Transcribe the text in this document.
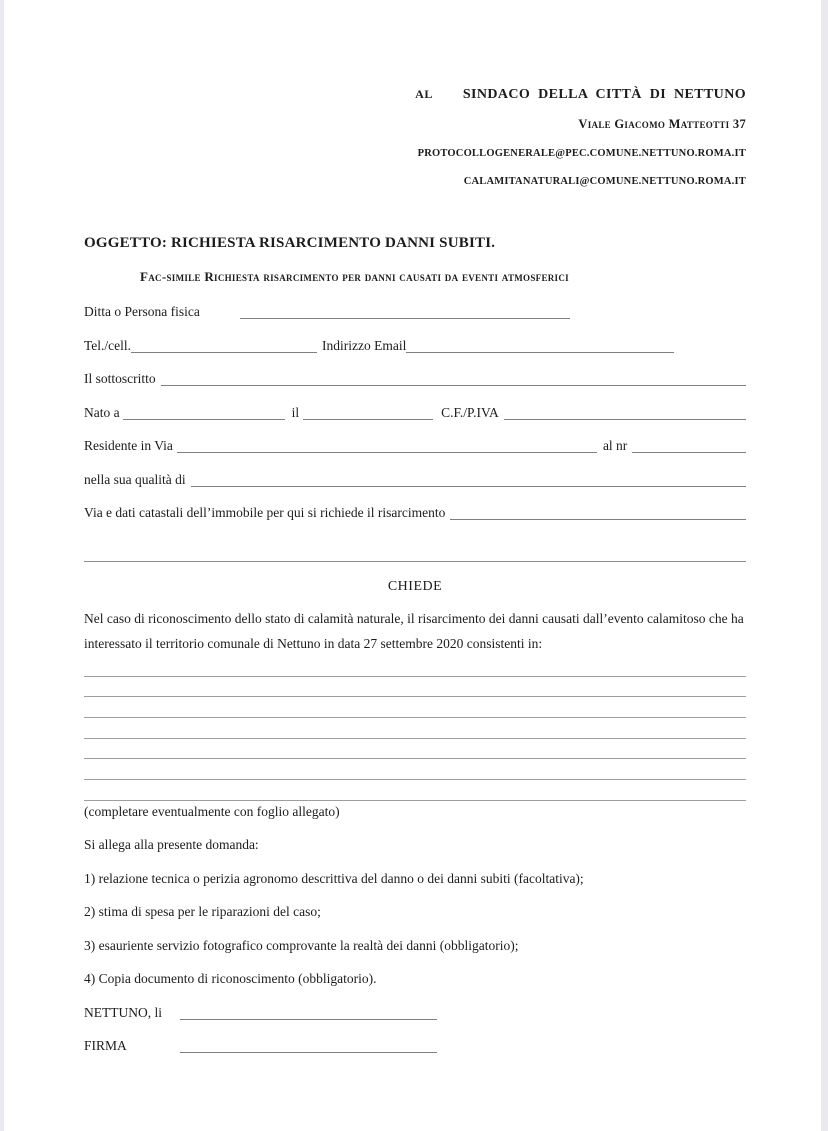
AL SINDACO DELLA CITTÀ DI NETTUNO
Viale Giacomo Matteotti 37
PROTOCOLLOGENERALE@PEC.COMUNE.NETTUNO.ROMA.IT
CALAMITANATURALI@COMUNE.NETTUNO.ROMA.IT
OGGETTO: RICHIESTA RISARCIMENTO DANNI SUBITI.
Fac-simile Richiesta risarcimento per danni causati da eventi atmosferici
Ditta o Persona fisica
Tel./cell.	Indirizzo Email
Il sottoscritto
Nato a	il	C.F./P.IVA
Residente in Via	al nr
nella sua qualità di
Via e dati catastali dell’immobile per qui si richiede il risarcimento
CHIEDE
Nel caso di riconoscimento dello stato di calamità naturale, il risarcimento dei danni causati dall’evento calamitoso che ha interessato il territorio comunale di Nettuno in data 27 settembre 2020 consistenti in:
(completare eventualmente con foglio allegato)
Si allega alla presente domanda:
1) relazione tecnica o perizia agronomo descrittiva del danno o dei danni subiti (facoltativa);
2) stima di spesa per le riparazioni del caso;
3) esauriente servizio fotografico comprovante la realtà dei danni (obbligatorio);
4) Copia documento di riconoscimento (obbligatorio).
NETTUNO, li
FIRMA
